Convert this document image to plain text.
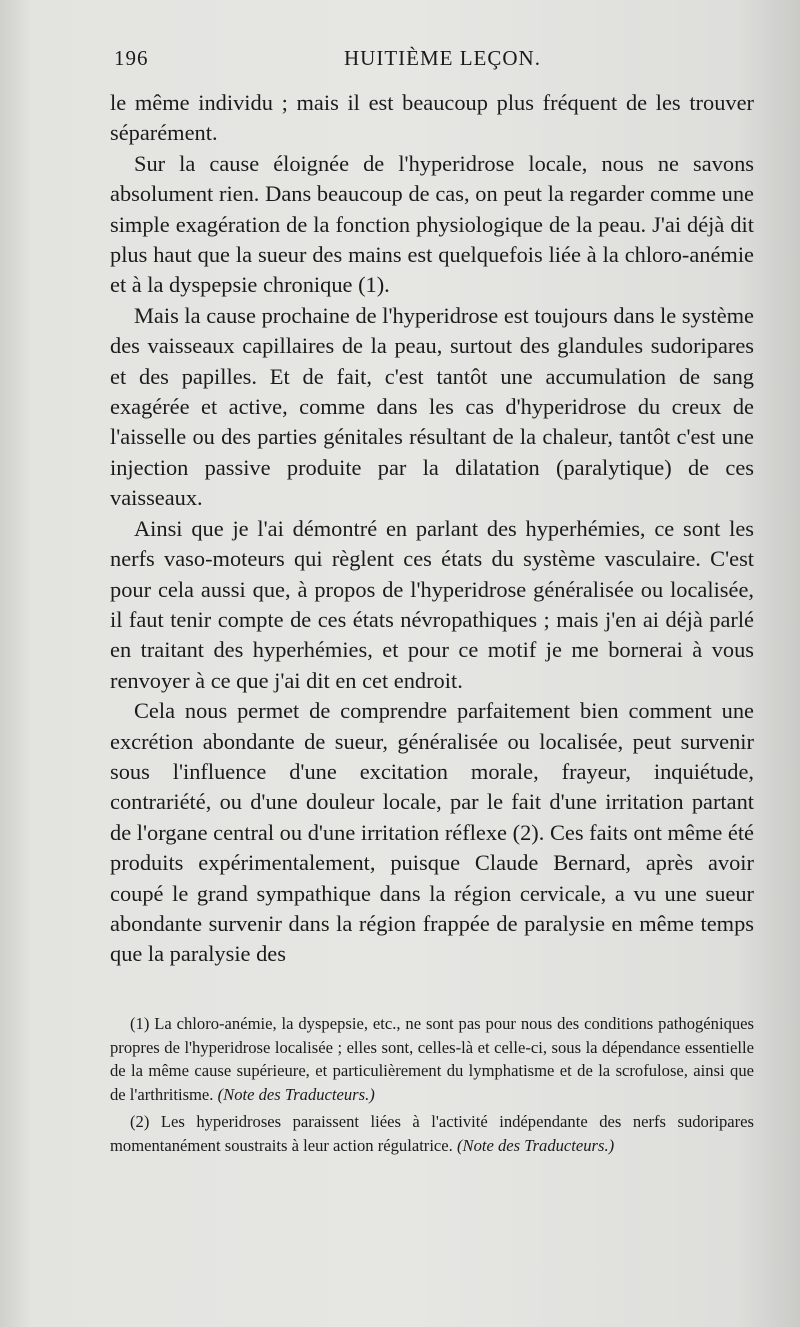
196	HUITIÈME LEÇON.

le même individu ; mais il est beaucoup plus fréquent de les trouver séparément.

Sur la cause éloignée de l'hyperidrose locale, nous ne savons absolument rien. Dans beaucoup de cas, on peut la regarder comme une simple exagération de la fonction physiologique de la peau. J'ai déjà dit plus haut que la sueur des mains est quelquefois liée à la chloro-anémie et à la dyspepsie chronique (1).

Mais la cause prochaine de l'hyperidrose est toujours dans le système des vaisseaux capillaires de la peau, surtout des glandules sudoripares et des papilles. Et de fait, c'est tantôt une accumulation de sang exagérée et active, comme dans les cas d'hyperidrose du creux de l'aisselle ou des parties génitales résultant de la chaleur, tantôt c'est une injection passive produite par la dilatation (paralytique) de ces vaisseaux.

Ainsi que je l'ai démontré en parlant des hyperhémies, ce sont les nerfs vaso-moteurs qui règlent ces états du système vasculaire. C'est pour cela aussi que, à propos de l'hyperidrose généralisée ou localisée, il faut tenir compte de ces états névropathiques ; mais j'en ai déjà parlé en traitant des hyperhémies, et pour ce motif je me bornerai à vous renvoyer à ce que j'ai dit en cet endroit.

Cela nous permet de comprendre parfaitement bien comment une excrétion abondante de sueur, généralisée ou localisée, peut survenir sous l'influence d'une excitation morale, frayeur, inquiétude, contrariété, ou d'une douleur locale, par le fait d'une irritation partant de l'organe central ou d'une irritation réflexe (2). Ces faits ont même été produits expérimentalement, puisque Claude Bernard, après avoir coupé le grand sympathique dans la région cervicale, a vu une sueur abondante survenir dans la région frappée de paralysie en même temps que la paralysie des

(1) La chloro-anémie, la dyspepsie, etc., ne sont pas pour nous des conditions pathogéniques propres de l'hyperidrose localisée ; elles sont, celles-là et celle-ci, sous la dépendance essentielle de la même cause supérieure, et particulièrement du lymphatisme et de la scrofulose, ainsi que de l'arthritisme. (Note des Traducteurs.)

(2) Les hyperidroses paraissent liées à l'activité indépendante des nerfs sudoripares momentanément soustraits à leur action régulatrice. (Note des Traducteurs.)
